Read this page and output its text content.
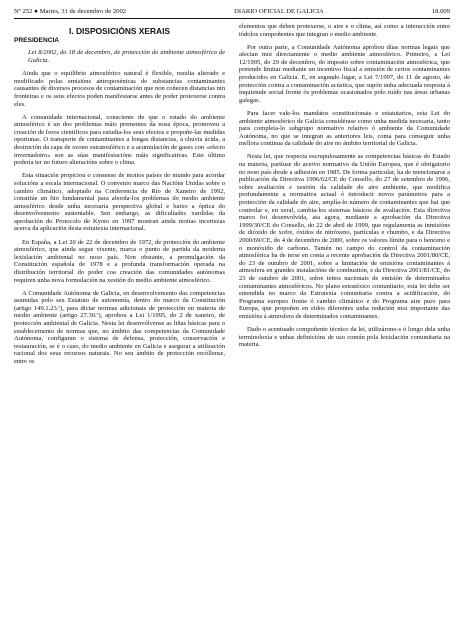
Nº 252 ● Martes, 31 de decembro de 2002	DIARIO OFICIAL DE GALICIA	18.009
I. DISPOSICIÓNS XERAIS
PRESIDENCIA
Lei 8/2002, do 18 de decembro, de protección do ambiente atmosférico de Galicia.

Ainda que o equilibrio atmosférico natural é flexible, resulta alterado e modificado polas emisións antropoxénicas de substancias contaminantes causantes de diversos procesos de contaminación que non coñecen distancias nin fronteiras e os seus efectos poden manifestarse antes de poder protexerse contra eles.

A comunidade internacional, consciente de que o estado do ambiente atmosférico é un dos problemas máis prementes da nosa época, promoveu a creación de foros científicos para estudia-los seus efectos e propoñe-las medidas oportunas. O transporte de contaminantes a longas distancias, a chuvia ácida, a destrución da capa de ozono estratosférico e a acumulación de gases con «efecto invernadoiro» son as súas manifestacións máis significativas. Este último podería ter no futuro alteracións sobre o clima.

Esta situación propiciou o consenso de moitos países do mundo para acordar solucións a escala internacional. O convenio marco das Nacións Unidas sobre o cambio climático, adoptado na Conferencia de Río de Xaneiro de 1992, constitúe un fito fundamental para aborda-los problemas do medio ambiente atmosférico desde unha necesaria perspectiva global e baixo a óptica do desenvolvemento sustentable. Sen embargo, as dificultades xurdidas da aprobación do Protocolo de Kyoto en 1997 mostran ainda moitas incertezas acerca da aplicación desta estratexia internacional.

En España, a Lei 20 de 22 de decembro de 1972, de protección do ambiente atmosférico, que ainda segue vixente, marca o punto de partida da moderna lexislación ambiental no noso país. Non obstante, a promulgación da Constitución española de 1978 e a profunda transformación operada na distribución territorial do poder coa creación das comunidades autónomas requiren unha nova formulación na xestión do medio ambiente atmosférico.

A Comunidade Autónoma de Galicia, en desenvolvemento das competencias asumidas polo seu Estatuto de autonomía, dentro do marco da Constitución (artigo 149.1.23.ª), para dictar normas adicionais de protección en materia de medio ambiente (artigo 27.30.ª), aprobou a Lei 1/1995, do 2 de xaneiro, de protección ambiental de Galicia. Nesta lei desenvólvense as liñas básicas para o establecemento de normas que, no ámbito das competencias da Comunidade Autónoma, configuran o sistema de defensa, protección, conservación e restauración, se é o caso, do medio ambiente en Galicia e asegurar a utilización racional dos seus recursos naturais. No seu ámbito de protección recóllense, entre os

elementos que deben protexerse, o aire e o clima, así como a interacción entre tódolos compoñentes que integran o medio ambiente.

Por outra parte, a Comunidade Autónoma aprobou dúas normas legais que afectan moi directamente o medio ambiente atmosférico. Primeiro, a Lei 12/1995, do 29 de decembro, do imposto sobre contaminación atmosférica, que pretende limitar mediante un incentivo fiscal a emisión de certos contaminantes producidos en Galicia. E, en segundo lugar, a Lei 7/1997, do 11 de agosto, de protección contra a contaminación acústica, que supón unha adecuada resposta á inquietude social fronte ós problemas ocasionados polo ruído nas áreas urbanas galegas.

Para facer vale-los mandatos constitucionais e estatutarios, esta Lei do ambiente atmosférico de Galicia considérase como unha medida necesaria, tanto para completa-lo subgrupo normativo relativo ó ambiente da Comunidade Autónoma, no que se integran as anteriores leis, coma para conseguir unha mellora continua da calidade do aire no ámbito territorial de Galicia.

Nesta lei, que respecta escrupulosamente as competencias básicas do Estado na materia, partíuse do acervo normativo da Unión Europea, que é obrigatorio no noso país desde a adhesión en 1985. De forma particular, ha de mencionarse a publicación da Directiva 1996/62/CE do Consello, do 27 de setembro de 1996, sobre avaliación e xestión da calidade do aire ambiente, que modifica profundamente a normativa actual ó introducir novos parámetros para a protección da calidade do aire, amplía-lo número de contaminantes que hai que controlar e, en xeral, cambia-los sistemas básicos de avaliación. Esta directiva marco foi desenvolvida, ata agora, mediante a aprobación da Directiva 1999/30/CE do Consello, do 22 de abril de 1999, que regulamenta as inmisións de dióxido de xofre, óxidos de nitróxeno, partículas e chumbo, e da Directiva 2000/69/CE, do 4 de decembro de 2000, sobre os valores límite para o benceno e o monóxido de carbono. Tamén no campo do control da contaminación atmosférica ha de terse en conta a recente aprobación da Directiva 2001/80/CE, do 23 de outubro de 2001, sobre a limitación de emisións contaminantes á atmosfera en grandes instalacións de combustión, e da Directiva 2001/81/CE, do 23 de outubro de 2001, sobre teitos nacionais de emisión de determinados contaminantes atmosféricos. No plano estratéxico comunitario, esta lei debe ser entendida no marco da Estratexia comunitaria contra a acidificación, do Programa europeo fronte ó cambio climático e do Programa aire puro para Europa, que propoñen en eidos diferentes unha redución moi importante das emisións á atmosfera de determinados contaminantes.

Dado o acentuado compoñente técnico da lei, utilizárono-s ó longo dela unha terminoloxía e unhas definicións de uso común pola lexislación comunitaria na materia.
